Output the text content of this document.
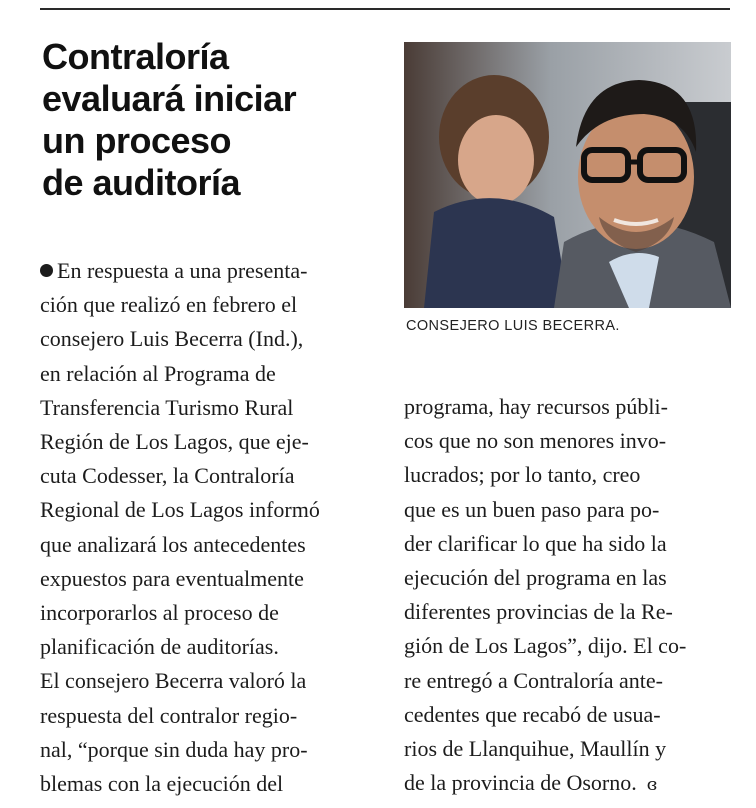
Contraloría
evaluará iniciar
un proceso
de auditoría
CONSEJERO LUIS BECERRA.
En respuesta a una presenta-
ción que realizó en febrero el
consejero Luis Becerra (Ind.),
en relación al Programa de
Transferencia Turismo Rural
Región de Los Lagos, que eje-
cuta Codesser, la Contraloría
Regional de Los Lagos informó
que analizará los antecedentes
expuestos para eventualmente
incorporarlos al proceso de
planificación de auditorías.
El consejero Becerra valoró la
respuesta del contralor regio-
nal, “porque sin duda hay pro-
blemas con la ejecución del
programa, hay recursos públi-
cos que no son menores invo-
lucrados; por lo tanto, creo
que es un buen paso para po-
der clarificar lo que ha sido la
ejecución del programa en las
diferentes provincias de la Re-
gión de Los Lagos”, dijo. El co-
re entregó a Contraloría ante-
cedentes que recabó de usua-
rios de Llanquihue, Maullín y
de la provincia de Osorno. ɞ
